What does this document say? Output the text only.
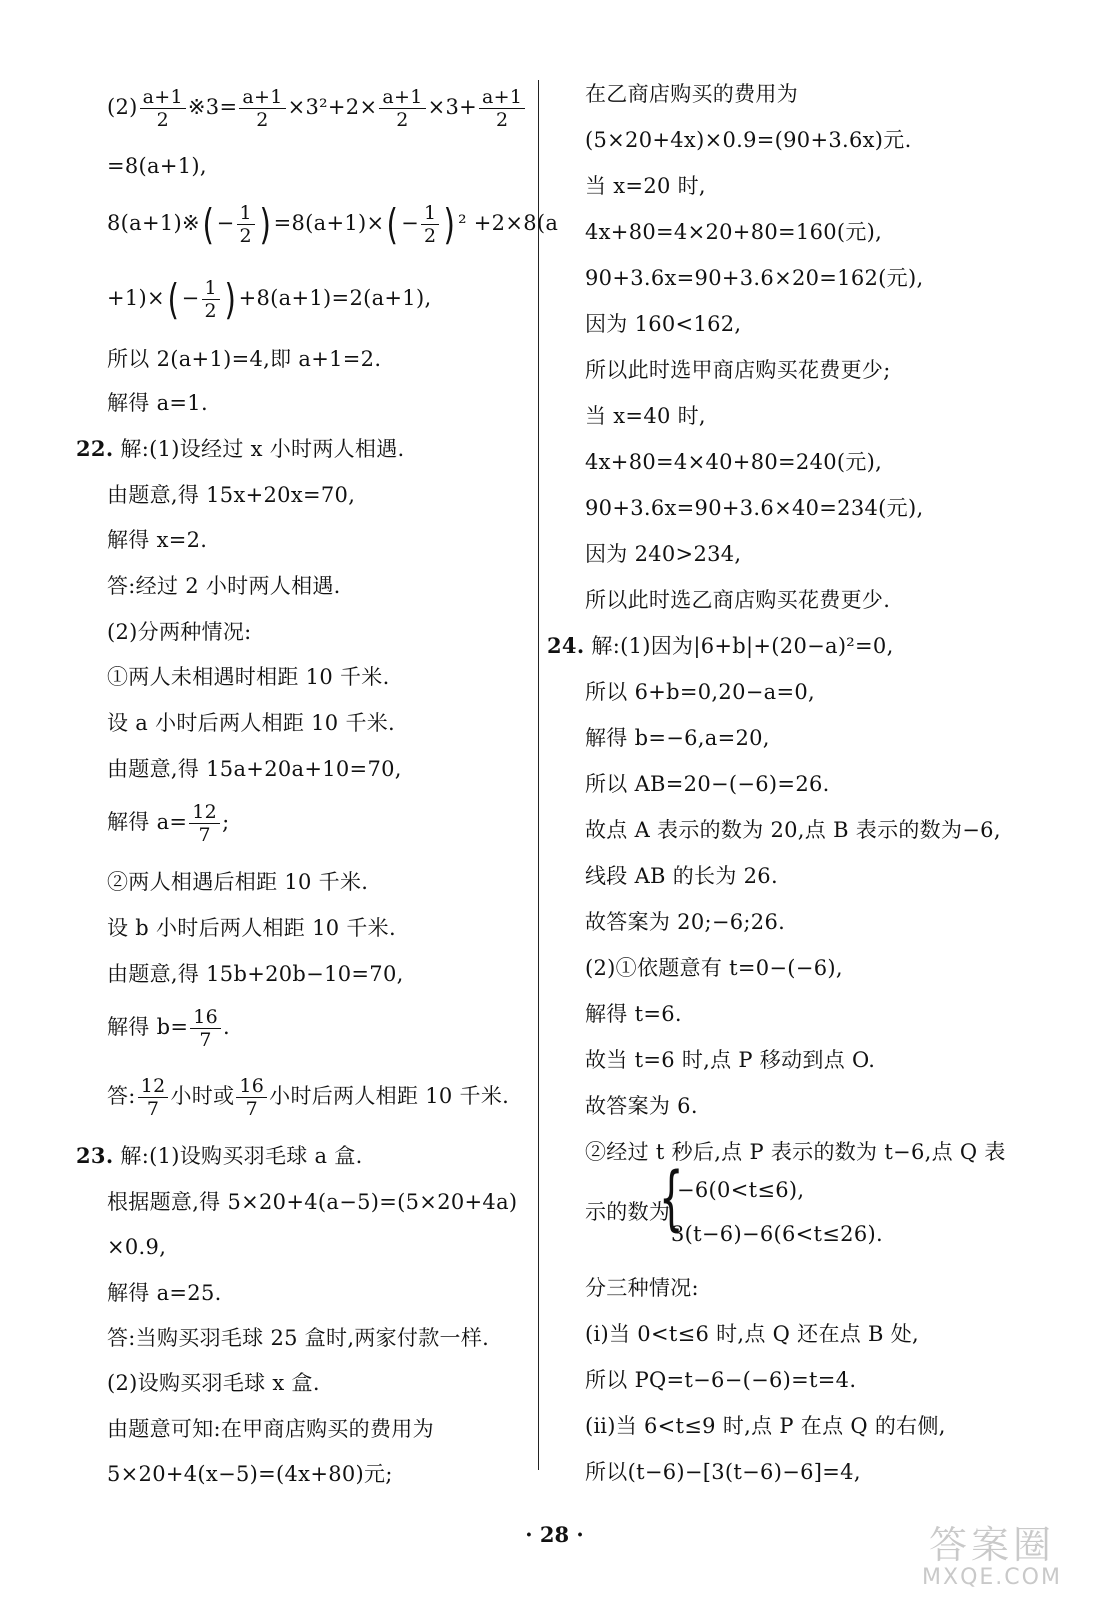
$(2) \frac{a+1}{2}$ ※3= $\frac{a+1}{2} \times 3^2+2\times \frac{a+1}{2} \times 3+ \frac{a+1}{2}$
=8(a+1),
8(a+1)※( − $\frac{1}{2}$ ) $=8(a+1)\times( - \frac{1}{2}$ ) ² +2×8(a
$+1)\times( - \frac{1}{2}$ ) +8(a+1)=2(a+1),
所以 2(a+1)=4,即 a+1=2.
解得 a=1.
22. 解:(1)设经过 x 小时两人相遇.
由题意,得 15x+20x=70,
解得 x=2.
答:经过 2 小时两人相遇.
(2)分两种情况:
①两人未相遇时相距 10 千米.
设 a 小时后两人相距 10 千米.
由题意,得 15a+20a+10=70,
解得 $a= \frac{12}{7}$ ;
②两人相遇后相距 10 千米.
设 b 小时后两人相距 10 千米.
由题意,得 15b+20b−10=70,
解得 $b= \frac{16}{7}$ .
答: $\frac{12}{7}$ 小时或 $\frac{16}{7}$ 小时后两人相距 10 千米.
23. 解:(1)设购买羽毛球 a 盒.
根据题意,得 5×20+4(a−5)=(5×20+4a)
×0.9,
解得 a=25.
答:当购买羽毛球 25 盒时,两家付款一样.
(2)设购买羽毛球 x 盒.
由题意可知:在甲商店购买的费用为
5×20+4(x−5)=(4x+80)元;
在乙商店购买的费用为
(5×20+4x)×0.9=(90+3.6x)元.
当 x=20 时,
4x+80=4×20+80=160(元),
90+3.6x=90+3.6×20=162(元),
因为 160<162,
所以此时选甲商店购买花费更少;
当 x=40 时,
4x+80=4×40+80=240(元),
90+3.6x=90+3.6×40=234(元),
因为 240>234,
所以此时选乙商店购买花费更少.
24. 解:(1)因为|6+b|+(20−a)²=0,
所以 6+b=0,20−a=0,
解得 b=−6,a=20,
所以 AB=20−(−6)=26.
故点 A 表示的数为 20,点 B 表示的数为−6,
线段 AB 的长为 26.
故答案为 20;−6;26.
(2)①依题意有 t=0−(−6),
解得 t=6.
故当 t=6 时,点 P 移动到点 O.
故答案为 6.
②经过 t 秒后,点 P 表示的数为 t−6,点 Q 表
示的数为
{
−6(0<t≤6),
3(t−6)−6(6<t≤26).
分三种情况:
(ⅰ)当 0<t≤6 时,点 Q 还在点 B 处,
所以 PQ=t−6−(−6)=t=4.
(ⅱ)当 6<t≤9 时,点 P 在点 Q 的右侧,
所以(t−6)−[3(t−6)−6]=4,
· 28 ·	答案圈
MXQE.COM
